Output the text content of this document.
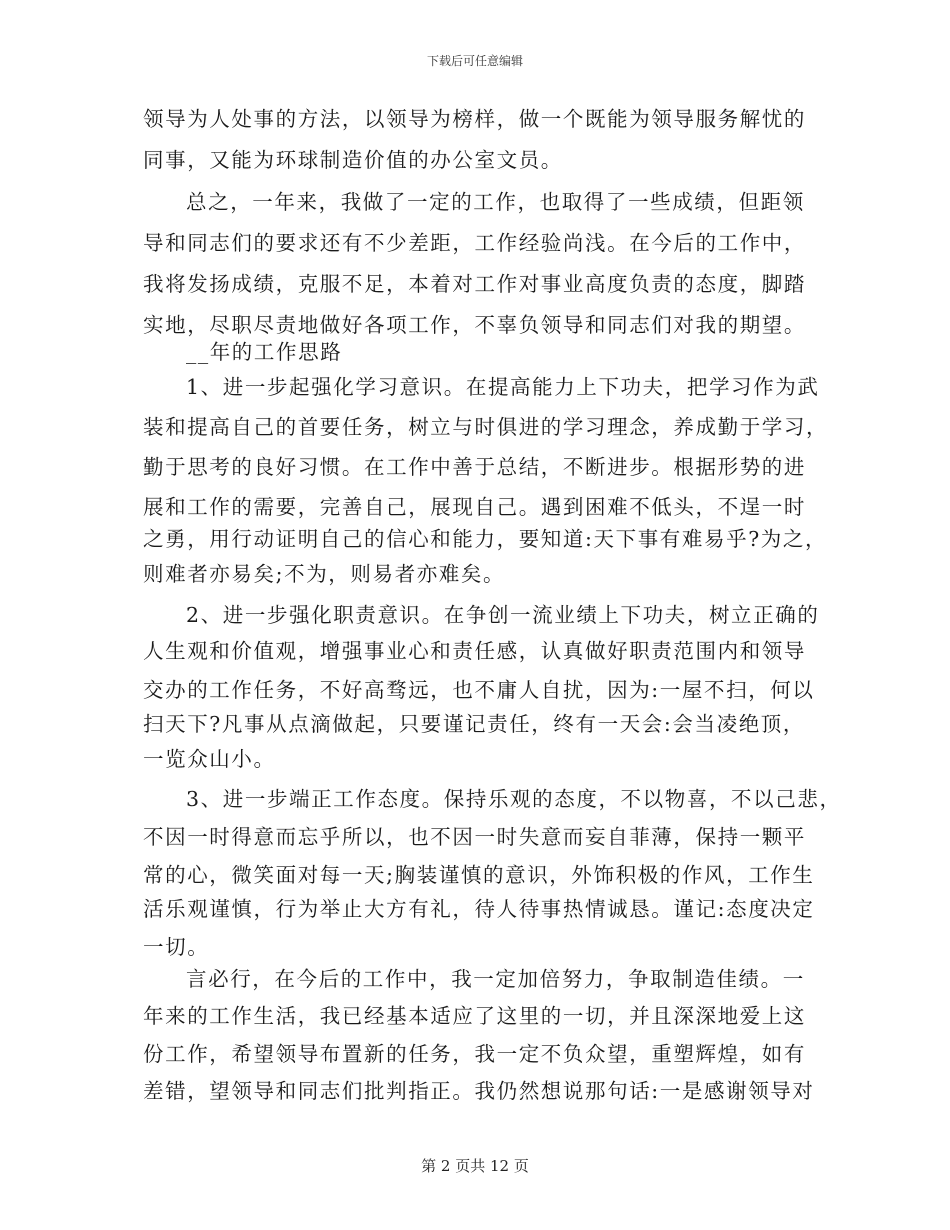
下载后可任意编辑
领导为人处事的方法，以领导为榜样，做一个既能为领导服务解忧的
同事，又能为环球制造价值的办公室文员。
总之，一年来，我做了一定的工作，也取得了一些成绩，但距领
导和同志们的要求还有不少差距，工作经验尚浅。在今后的工作中，
我将发扬成绩，克服不足，本着对工作对事业高度负责的态度，脚踏
实地，尽职尽责地做好各项工作，不辜负领导和同志们对我的期望。
__年的工作思路
1、进一步起强化学习意识。在提高能力上下功夫，把学习作为武
装和提高自己的首要任务，树立与时俱进的学习理念，养成勤于学习，
勤于思考的良好习惯。在工作中善于总结，不断进步。根据形势的进
展和工作的需要，完善自己，展现自己。遇到困难不低头，不逞一时
之勇，用行动证明自己的信心和能力，要知道:天下事有难易乎?为之，
则难者亦易矣;不为，则易者亦难矣。
2、进一步强化职责意识。在争创一流业绩上下功夫，树立正确的
人生观和价值观，增强事业心和责任感，认真做好职责范围内和领导
交办的工作任务，不好高骛远，也不庸人自扰，因为:一屋不扫，何以
扫天下?凡事从点滴做起，只要谨记责任，终有一天会:会当凌绝顶，
一览众山小。
3、进一步端正工作态度。保持乐观的态度，不以物喜，不以己悲，
不因一时得意而忘乎所以，也不因一时失意而妄自菲薄，保持一颗平
常的心，微笑面对每一天;胸装谨慎的意识，外饰积极的作风，工作生
活乐观谨慎，行为举止大方有礼，待人待事热情诚恳。谨记:态度决定
一切。
言必行，在今后的工作中，我一定加倍努力，争取制造佳绩。一
年来的工作生活，我已经基本适应了这里的一切，并且深深地爱上这
份工作，希望领导布置新的任务，我一定不负众望，重塑辉煌，如有
差错，望领导和同志们批判指正。我仍然想说那句话:一是感谢领导对
第 2 页共 12 页
